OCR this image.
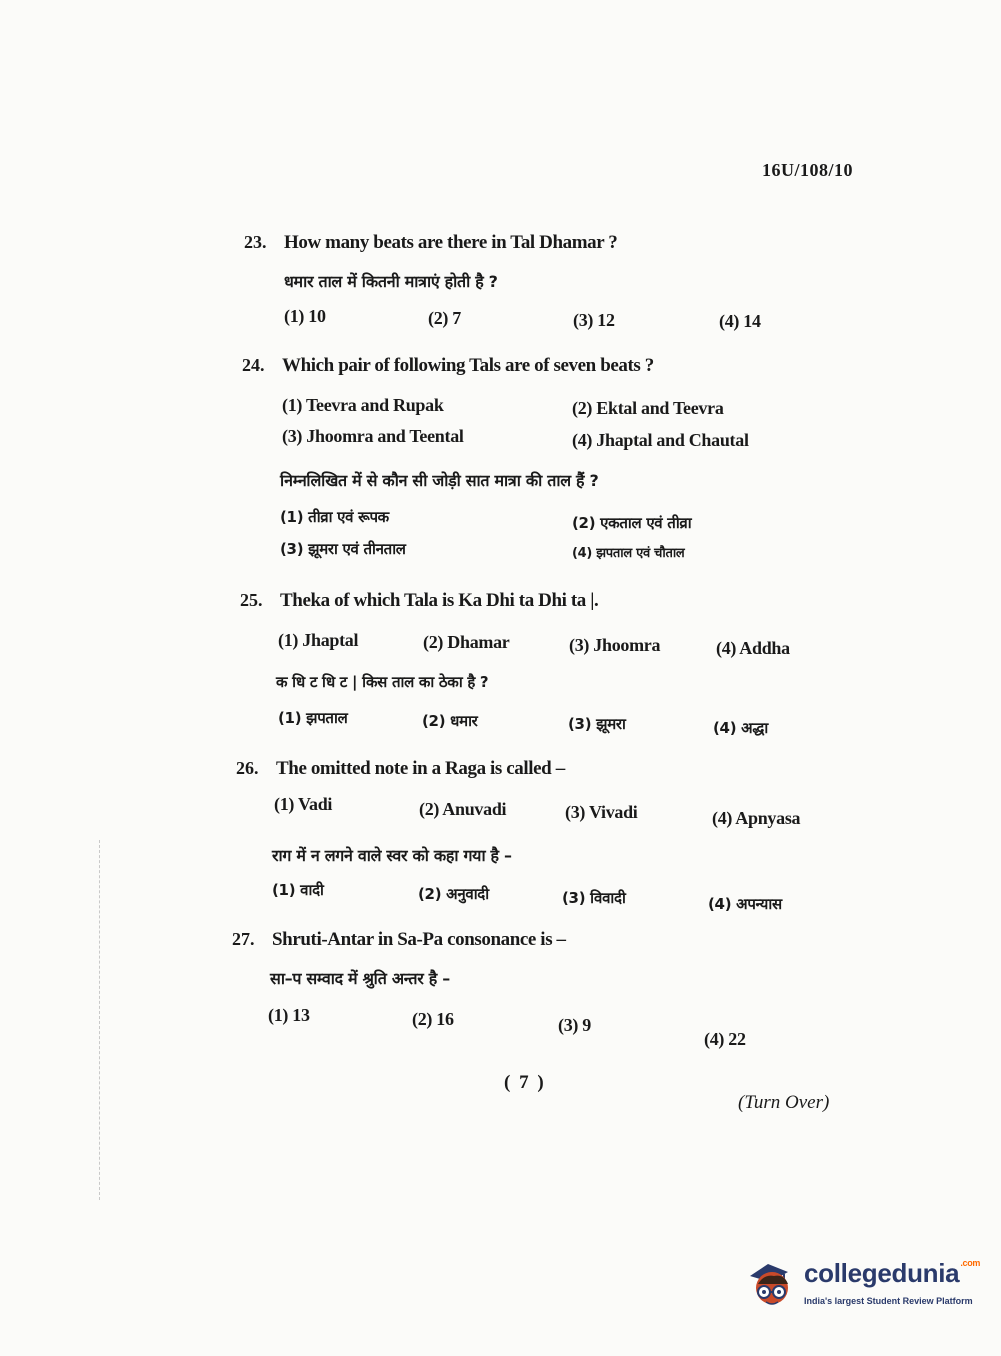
16U/108/10
23. How many beats are there in Tal Dhamar ?
धमार ताल में कितनी मात्राएं होती है ?
(1) 10	(2) 7	(3) 12	(4) 14
24. Which pair of following Tals are of seven beats ?
(1) Teevra and Rupak	(2) Ektal and Teevra
(3) Jhoomra and Teental	(4) Jhaptal and Chautal
निम्नलिखित में से कौन सी जोड़ी सात मात्रा की ताल हैं ?
(1) तीव्रा एवं रूपक	(2) एकताल एवं तीव्रा
(3) झूमरा एवं तीनताल	(4) झपताल एवं चौताल
25. Theka of which Tala is Ka Dhi ta Dhi ta |.
(1) Jhaptal	(2) Dhamar	(3) Jhoomra	(4) Addha
क धि ट धि ट | किस ताल का ठेका है ?
(1) झपताल	(2) धमार	(3) झूमरा	(4) अद्धा
26. The omitted note in a Raga is called –
(1) Vadi	(2) Anuvadi	(3) Vivadi	(4) Apnyasa
राग में न लगने वाले स्वर को कहा गया है –
(1) वादी	(2) अनुवादी	(3) विवादी	(4) अपन्यास
27. Shruti-Antar in Sa-Pa consonance is –
सा–प सम्वाद में श्रुति अन्तर है –
(1) 13	(2) 16	(3) 9
(4) 22
( 7 )
(Turn Over)
collegedunia$^{.com}$
India's largest Student Review Platform
